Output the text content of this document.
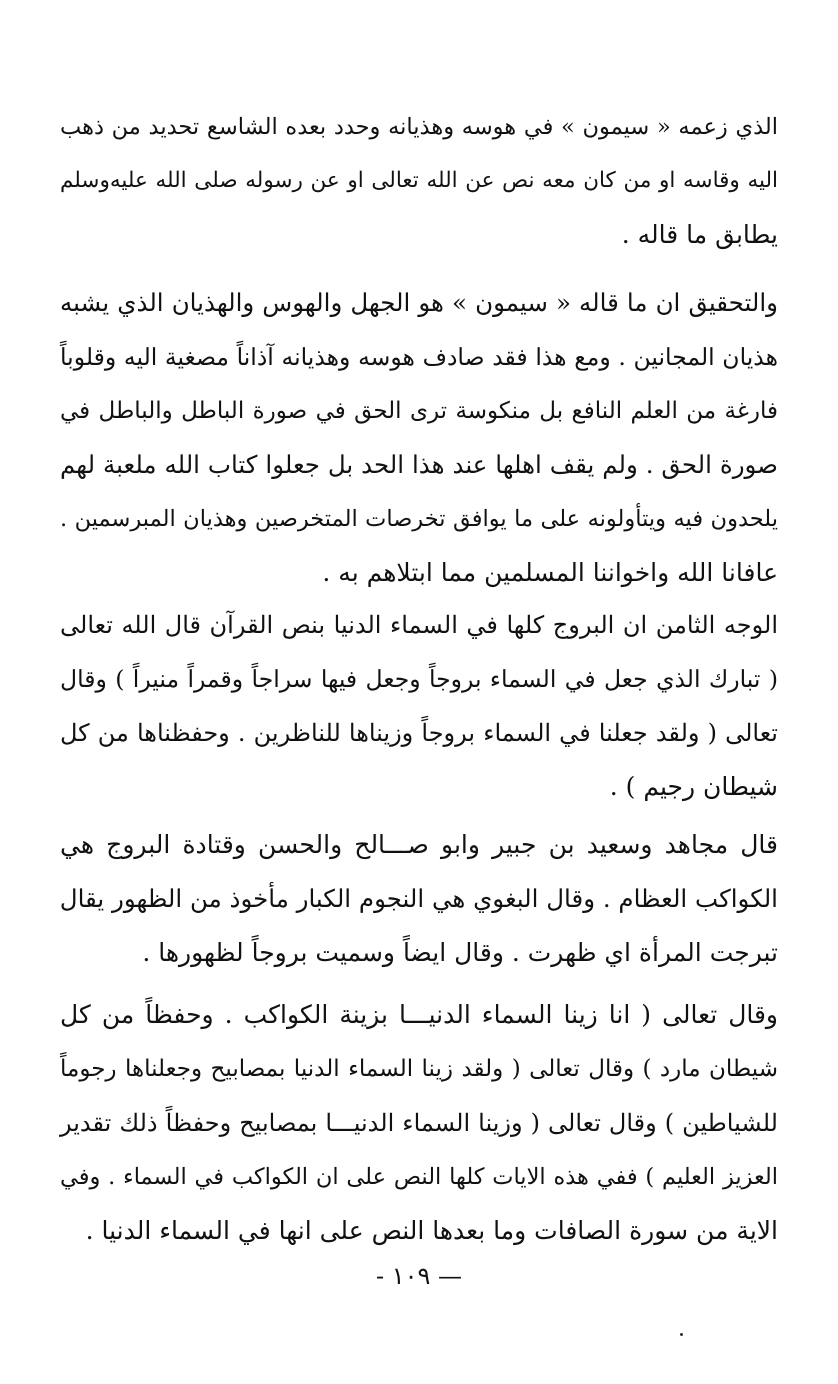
الذي زعمه « سيمون » في هوسه وهذيانه وحدد بعده الشاسع تحديد من ذهب
اليه وقاسه او من كان معه نص عن الله تعالى او عن رسوله صلى الله عليه‌وسلم
يطابق ما قاله .
والتحقيق ان ما قاله « سيمون » هو الجهل والهوس والهذيان الذي يشبه
هذيان المجانين . ومع هذا فقد صادف هوسه وهذيانه آذاناً مصغية اليه وقلوباً
فارغة من العلم النافع بل منكوسة ترى الحق في صورة الباطل والباطل في
صورة الحق . ولم يقف اهلها عند هذا الحد بل جعلوا كتاب الله ملعبة لهم
يلحدون فيه ويتأولونه على ما يوافق تخرصات المتخرصين وهذيان المبرسمين .
عافانا الله واخواننا المسلمين مما ابتلاهم به .
الوجه الثامن ان البروج كلها في السماء الدنيا بنص القرآن قال الله تعالى
( تبارك الذي جعل في السماء بروجاً وجعل فيها سراجاً وقمراً منيراً ) وقال
تعالى ( ولقد جعلنا في السماء بروجاً وزيناها للناظرين . وحفظناها من كل
شيطان رجيم ) .
قال مجاهد وسعيد بن جبير وابو صـــالح والحسن وقتادة البروج هي
الكواكب العظام . وقال البغوي هي النجوم الكبار مأخوذ من الظهور يقال
تبرجت المرأة اي ظهرت . وقال ايضاً وسميت بروجاً لظهورها .
وقال تعالى ( انا زينا السماء الدنيـــا بزينة الكواكب . وحفظاً من كل
شيطان مارد ) وقال تعالى ( ولقد زينا السماء الدنيا بمصابيح وجعلناها رجوماً
للشياطين ) وقال تعالى ( وزينا السماء الدنيـــا بمصابيح وحفظاً ذلك تقدير
العزيز العليم ) ففي هذه الايات كلها النص على ان الكواكب في السماء . وفي
الاية من سورة الصافات وما بعدها النص على انها في السماء الدنيا .
— ١٠٩ -
